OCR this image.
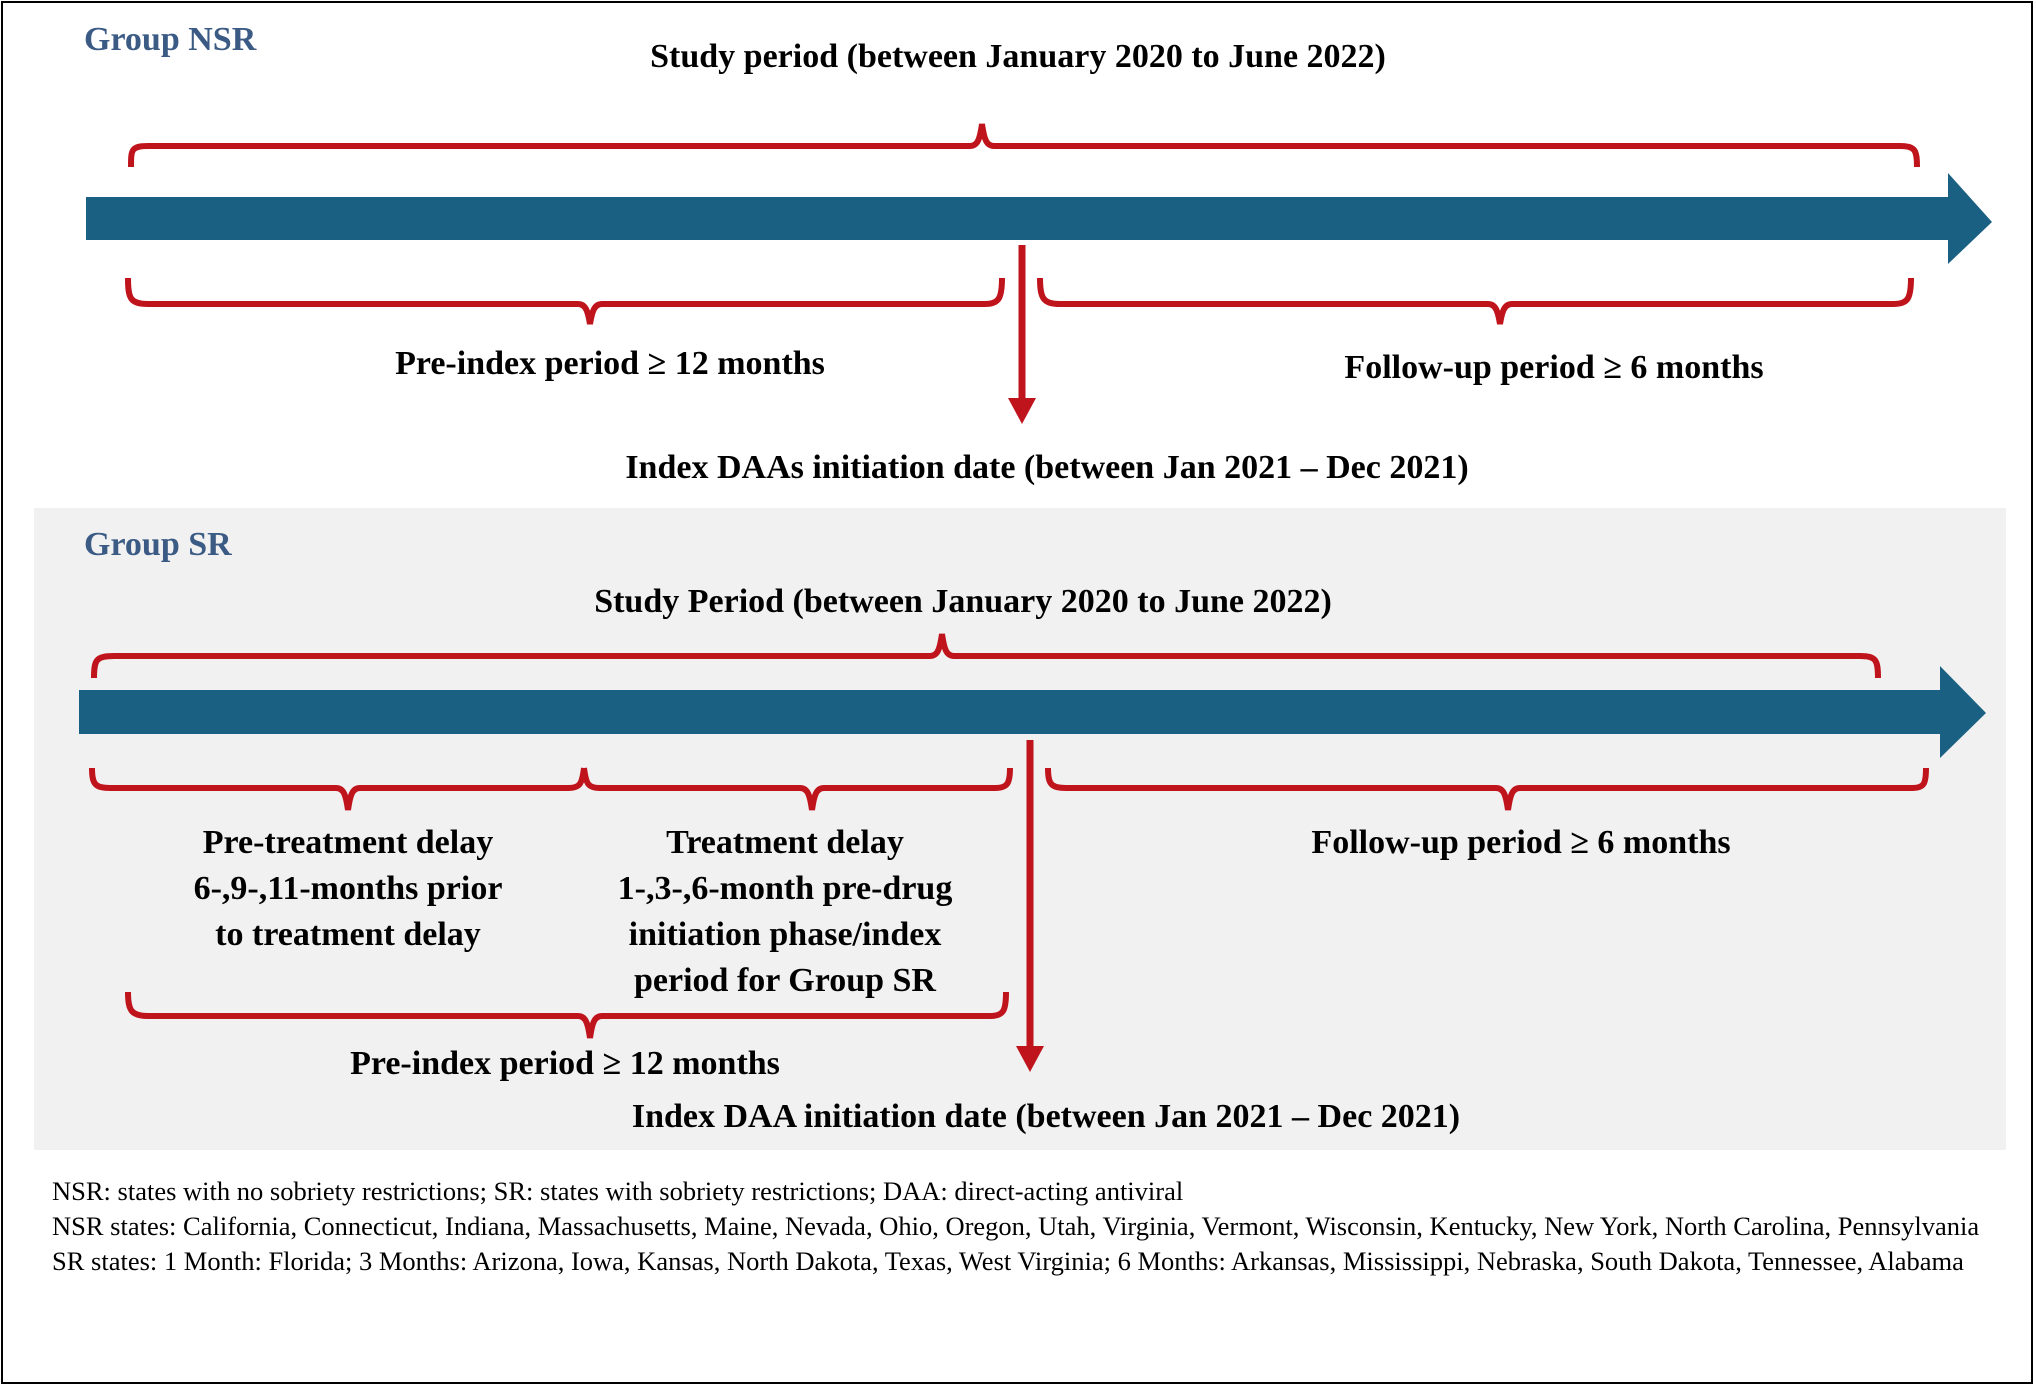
Group NSR	Study period (between January 2020 to June 2022)
Pre-index period ≥ 12 months	Follow-up period ≥ 6 months
Index DAAs initiation date (between Jan 2021 – Dec 2021)
Group SR
Study Period (between January 2020 to June 2022)
Pre-treatment delay
6-,9-,11-months prior
to treatment delay
Treatment delay
1-,3-,6-month pre-drug
initiation phase/index
period for Group SR
Follow-up period ≥ 6 months
Pre-index period ≥ 12 months
Index DAA initiation date (between Jan 2021 – Dec 2021)
NSR: states with no sobriety restrictions; SR: states with sobriety restrictions; DAA: direct-acting antiviral
NSR states: California, Connecticut, Indiana, Massachusetts, Maine, Nevada, Ohio, Oregon, Utah, Virginia, Vermont, Wisconsin, Kentucky, New York, North Carolina, Pennsylvania
SR states: 1 Month: Florida; 3 Months: Arizona, Iowa, Kansas, North Dakota, Texas, West Virginia; 6 Months: Arkansas, Mississippi, Nebraska, South Dakota, Tennessee, Alabama
